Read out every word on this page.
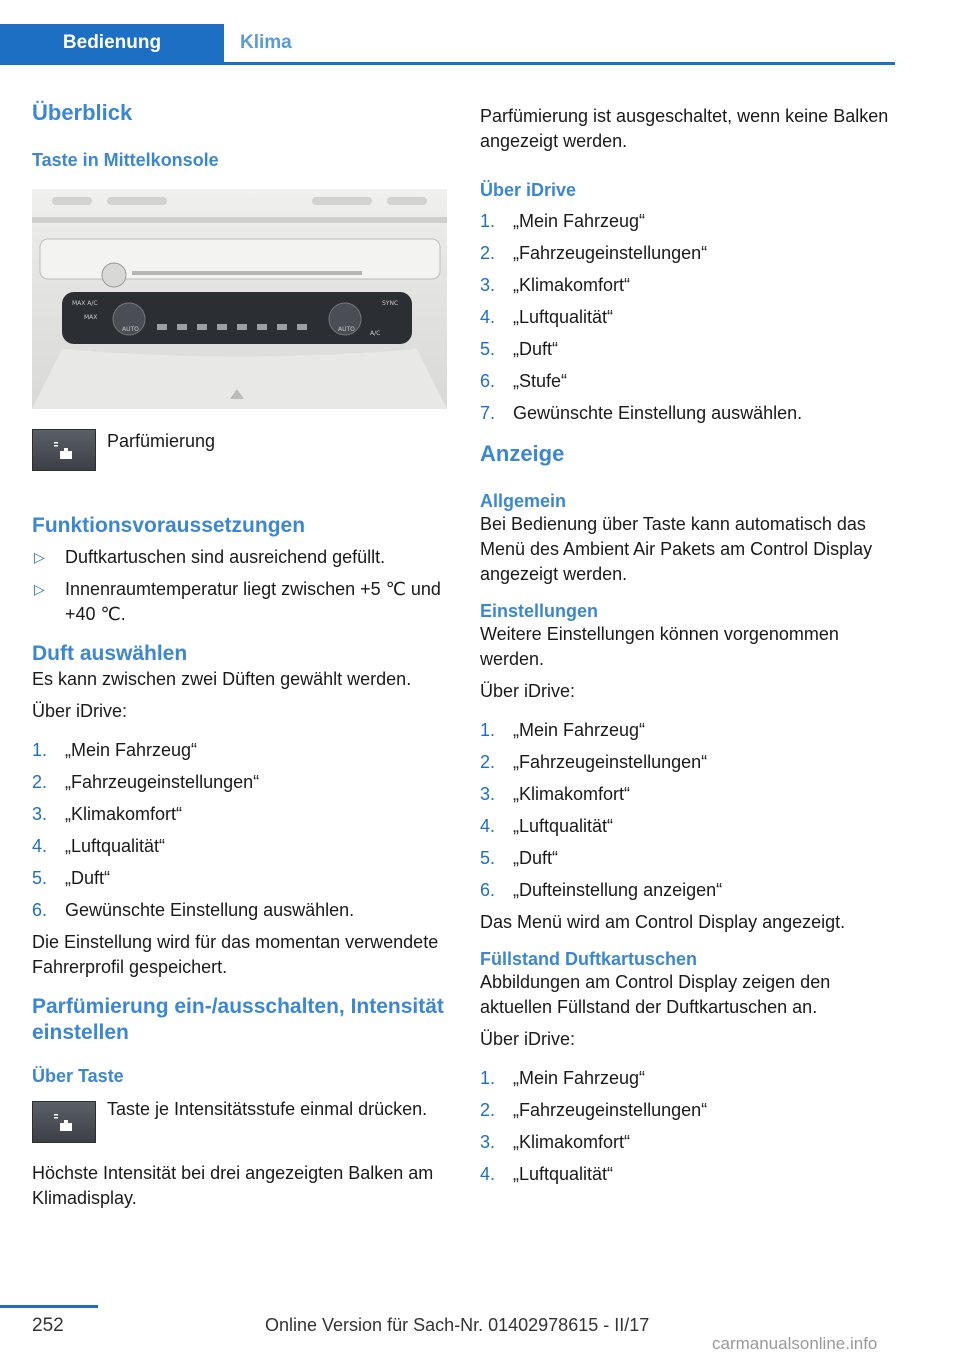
Bedienung	Klima
Überblick
Taste in Mittelkonsole
MAX A/C
MAX
AUTO	AUTO
SYNC
A/C

Parfümierung

Funktionsvoraussetzungen
▷ Duftkartuschen sind ausreichend gefüllt.
▷ Innenraumtemperatur liegt zwischen +5 ℃ und +40 ℃.
Duft auswählen

Es kann zwischen zwei Düften gewählt werden.

Über iDrive:

1. „Mein Fahrzeug“
2. „Fahrzeugeinstellungen“
3. „Klimakomfort“
4. „Luftqualität“
5. „Duft“
6. Gewünschte Einstellung auswählen.

Die Einstellung wird für das momentan verwendete Fahrerprofil gespeichert.

Parfümierung ein-/ausschalten, Intensität einstellen
Über Taste

Taste je Intensitätsstufe einmal drücken.

Höchste Intensität bei drei angezeigten Balken am Klimadisplay.

Parfümierung ist ausgeschaltet, wenn keine Balken angezeigt werden.

Über iDrive
1. „Mein Fahrzeug“
2. „Fahrzeugeinstellungen“
3. „Klimakomfort“
4. „Luftqualität“
5. „Duft“
6. „Stufe“
7. Gewünschte Einstellung auswählen.
Anzeige
Allgemein

Bei Bedienung über Taste kann automatisch das Menü des Ambient Air Pakets am Control Display angezeigt werden.

Einstellungen

Weitere Einstellungen können vorgenommen werden.

Über iDrive:

1. „Mein Fahrzeug“
2. „Fahrzeugeinstellungen“
3. „Klimakomfort“
4. „Luftqualität“
5. „Duft“
6. „Dufteinstellung anzeigen“

Das Menü wird am Control Display angezeigt.

Füllstand Duftkartuschen

Abbildungen am Control Display zeigen den aktuellen Füllstand der Duftkartuschen an.

Über iDrive:

1. „Mein Fahrzeug“
2. „Fahrzeugeinstellungen“
3. „Klimakomfort“
4. „Luftqualität“
252	Online Version für Sach-Nr. 01402978615 - II/17
carmanualsonline.info
